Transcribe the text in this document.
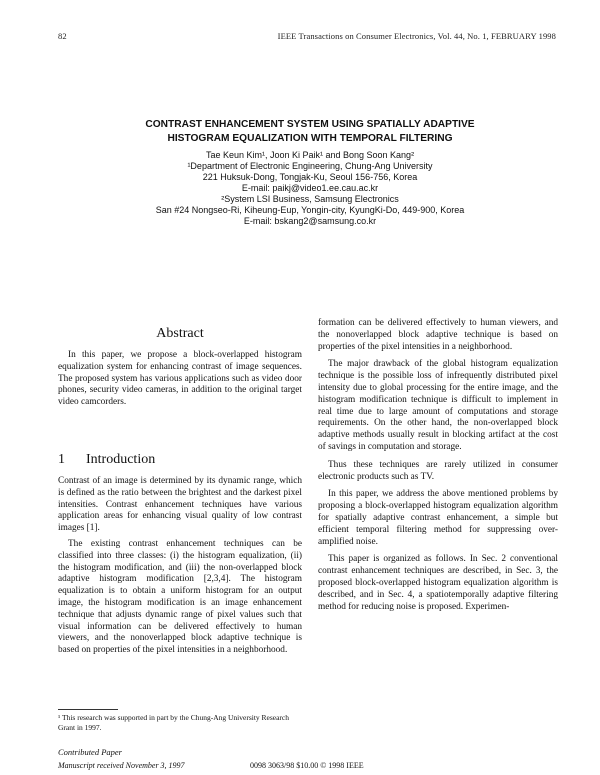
82	IEEE Transactions on Consumer Electronics, Vol. 44, No. 1, FEBRUARY 1998
CONTRAST ENHANCEMENT SYSTEM USING SPATIALLY ADAPTIVE
HISTOGRAM EQUALIZATION WITH TEMPORAL FILTERING
Tae Keun Kim¹, Joon Ki Paik¹ and Bong Soon Kang²
¹Department of Electronic Engineering, Chung-Ang University
221 Huksuk-Dong, Tongjak-Ku, Seoul 156-756, Korea
E-mail: paikj@video1.ee.cau.ac.kr
²System LSI Business, Samsung Electronics
San #24 Nongseo-Ri, Kiheung-Eup, Yongin-city, KyungKi-Do, 449-900, Korea
E-mail: bskang2@samsung.co.kr
Abstract

In this paper, we propose a block-overlapped histogram equalization system for enhancing contrast of image sequences. The proposed system has various applications such as video door phones, security video cameras, in addition to the original target video camcorders.

1 Introduction

Contrast of an image is determined by its dynamic range, which is defined as the ratio between the brightest and the darkest pixel intensities. Contrast enhancement techniques have various application areas for enhancing visual quality of low contrast images [1].

The existing contrast enhancement techniques can be classified into three classes: (i) the histogram equalization, (ii) the histogram modification, and (iii) the non-overlapped block adaptive histogram modification [2,3,4]. The histogram equalization is to obtain a uniform histogram for an output image, the histogram modification is an image enhancement technique that adjusts dynamic range of pixel values such that visual information can be delivered effectively to human viewers, and the nonoverlapped block adaptive technique is based on properties of the pixel intensities in a neighborhood.

¹ This research was supported in part by the Chung-Ang University Research Grant in 1997.

formation can be delivered effectively to human viewers, and the nonoverlapped block adaptive technique is based on properties of the pixel intensities in a neighborhood.

The major drawback of the global histogram equalization technique is the possible loss of infrequently distributed pixel intensity due to global processing for the entire image, and the histogram modification technique is difficult to implement in real time due to large amount of computations and storage requirements. On the other hand, the non-overlapped block adaptive methods usually result in blocking artifact at the cost of savings in computation and storage.

Thus these techniques are rarely utilized in consumer electronic products such as TV.

In this paper, we address the above mentioned problems by proposing a block-overlapped histogram equalization algorithm for spatially adaptive contrast enhancement, a simple but efficient temporal filtering method for suppressing over-amplified noise.

This paper is organized as follows. In Sec. 2 conventional contrast enhancement techniques are described, in Sec. 3, the proposed block-overlapped histogram equalization algorithm is described, and in Sec. 4, a spatiotemporally adaptive filtering method for reducing noise is proposed. Experimen-

Contributed Paper
Manuscript received November 3, 1997	0098 3063/98 $10.00 © 1998 IEEE
